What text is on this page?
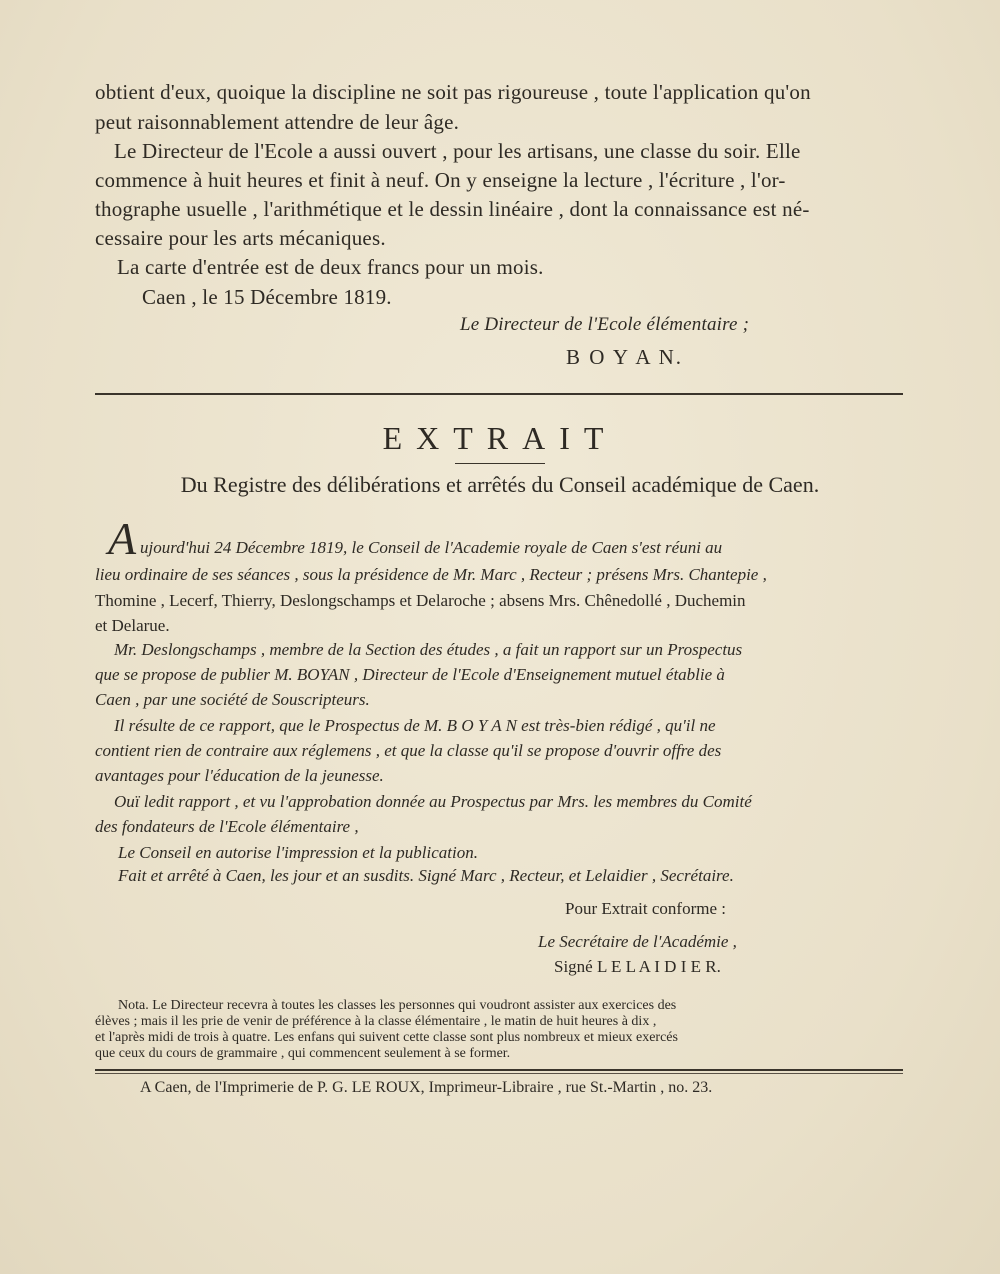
obtient d'eux, quoique la discipline ne soit pas rigoureuse , toute l'application qu'on
peut raisonnablement attendre de leur âge.
Le Directeur de l'Ecole a aussi ouvert , pour les artisans, une classe du soir. Elle
commence à huit heures et finit à neuf. On y enseigne la lecture , l'écriture , l'or-
thographe usuelle , l'arithmétique et le dessin linéaire , dont la connaissance est né-
cessaire pour les arts mécaniques.
La carte d'entrée est de deux francs pour un mois.
Caen , le 15 Décembre 1819.
Le Directeur de l'Ecole élémentaire ;
B O Y A N.
EXTRAIT
Du Registre des délibérations et arrêtés du Conseil académique de Caen.
A ujourd'hui 24 Décembre 1819, le Conseil de l'Academie royale de Caen s'est réuni au
lieu ordinaire de ses séances , sous la présidence de Mr. Marc , Recteur ; présens Mrs. Chantepie ,
Thomine , Lecerf, Thierry, Deslongschamps et Delaroche ; absens Mrs. Chênedollé , Duchemin
et Delarue.
Mr. Deslongschamps , membre de la Section des études , a fait un rapport sur un Prospectus
que se propose de publier M. BOYAN , Directeur de l'Ecole d'Enseignement mutuel établie à
Caen , par une société de Souscripteurs.
Il résulte de ce rapport, que le Prospectus de M. B O Y A N est très-bien rédigé , qu'il ne
contient rien de contraire aux réglemens , et que la classe qu'il se propose d'ouvrir offre des
avantages pour l'éducation de la jeunesse.
Ouï ledit rapport , et vu l'approbation donnée au Prospectus par Mrs. les membres du Comité
des fondateurs de l'Ecole élémentaire ,
Le Conseil en autorise l'impression et la publication.
Fait et arrêté à Caen, les jour et an susdits. Signé Marc , Recteur, et Lelaidier , Secrétaire.
Pour Extrait conforme :
Le Secrétaire de l'Académie ,
Signé L E L A I D I E R.
Nota. Le Directeur recevra à toutes les classes les personnes qui voudront assister aux exercices des
élèves ; mais il les prie de venir de préférence à la classe élémentaire , le matin de huit heures à dix ,
et l'après midi de trois à quatre. Les enfans qui suivent cette classe sont plus nombreux et mieux exercés
que ceux du cours de grammaire , qui commencent seulement à se former.
A Caen, de l'Imprimerie de P. G. LE ROUX, Imprimeur-Libraire , rue St.-Martin , no. 23.
